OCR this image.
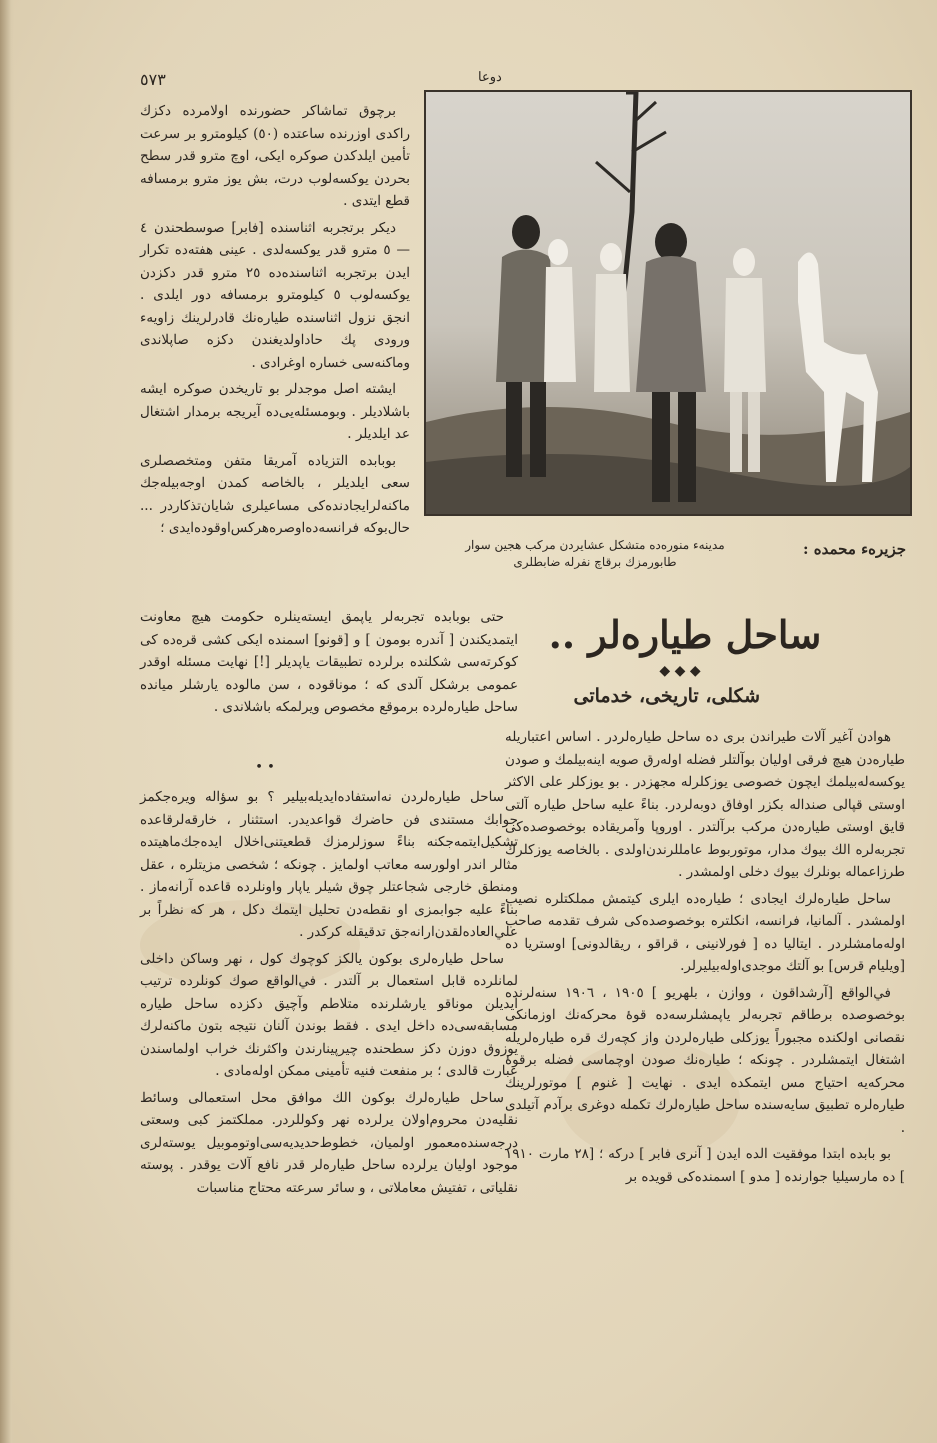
٥٧٣	دوعا

برچوق تماشاكر حضورنده اولامرده دكزك راكدى اوزرنده ساعتده (٥٠) كيلومترو بر سرعت تأمين ايلدكدن صوكره ايكى، اوچ مترو قدر سطح بحردن يوكسه‌لوب درت، بش يوز مترو برمسافه قطع ايتدى .

ديكر برتجربه اثناسنده [فابر] صوسطحندن ٤ — ٥ مترو قدر يوكسه‌لدى . عينى هفته‌ده تكرار ايدن برتجربه اثناسنده‌ده ٢٥ مترو قدر دكزدن يوكسه‌لوب ٥ كيلومترو برمسافه دور ايلدى . انجق نزول اثناسنده طياره‌نك قادرلرينك زاويه‌ء ورودى پك حاداولديغندن دكزه صاپلاندى وماكنه‌سى خساره اوغرادى .

ايشته اصل موجدلر بو تاريخدن صوكره ايشه باشلاديلر . وبومسئله‌يى‌ده آيريجه برمدار اشتغال عد ايلديلر .

بوبابده التزياده آمريقا متفن ومتخصصلرى سعى ايلديلر ، بالخاصه كمدن اوجه‌بيله‌جك ماكنه‌لرايجادنده‌كى مساعيلرى شايان‌تذكاردر ... حال‌بوكه فرانسه‌ده‌اوصره‌هركس‌اوقوده‌ايدى ؛

جزيره‌ء محمده :
مدينه‌ء منوره‌ده متشكل عشايردن مركب هجين سوار طابورمزك برقاچ نفرله ضابطلرى

حتى بوبابده تجربه‌لر ياپمق ايسته‌ينلره حكومت هيچ معاونت ايتمديكندن [ آندره بومون ] و [قونو] اسمنده ايكى كشى قره‌ده كى كوكرته‌سى شكلنده برلرده تطبيقات ياپديلر [!] نهايت مسئله اوقدر عمومى برشكل آلدى كه ؛ موناقوده ، سن مالوده يارشلر ميانده ساحل طياره‌لرده برموقع مخصوص ويرلمكه باشلاندى .

• •

ساحل طياره‌لردن نه‌استفاده‌ايديله‌بيلير ؟ بو سؤاله ويره‌جكمز جوابك مستندى فن حاضرك قواعديدر. استثنار ، خارقه‌لرقاعده تشكيل‌ايتمه‌جكنه بناءً سوزلرمزك قطعيتنى‌اخلال ايده‌جك‌ماهيتده مثالر اندر اولورسه معاتب اولمايز . چونكه ؛ شخصى مزيتلره ، عقل ومنطق خارجى شجاعتلر چوق شيلر ياپار واونلرده قاعده آرانه‌ماز . بناءً عليه جوابمزى او نقطه‌دن تحليل ايتمك دكل ، هر كه نظراً بر علي‌العاده‌لقدن‌ارانه‌جق تدقيقله كركدر .

ساحل طياره‌لرى بوكون يالكز كوچوك كول ، نهر وساكن داخلى لمانلرده قابل استعمال بر آلتدر . في‌الواقع صوك كونلرده ترتيب ايديلن موناقو يارشلرنده متلاطم وآچيق دكزده ساحل طياره مسابقه‌سى‌ده داخل ايدى . فقط بوندن آلنان نتيجه بتون ماكنه‌لرك يوزوق دوزن دكز سطحنده چيرپينارندن واكثرنك خراب اولماسندن عبارت قالدى ؛ بر منفعت فنيه تأمينى ممكن اوله‌مادى .

ساحل طياره‌لرك بوكون الك موافق محل استعمالى وسائط نقليه‌دن محروم‌اولان يرلرده نهر وكوللردر. مملكتمز كبى وسعتى درجه‌سنده‌معمور اولميان، خطوط‌حديديه‌سى‌اوتوموبيل يوسته‌لرى موجود اوليان يرلرده ساحل طياره‌لر قدر نافع آلات يوقدر . پوسته نقلياتى ، تفتيش معاملاتى ، و سائر سرعته محتاج مناسبات

ساحل طياره‌لر ..
◆ ◆ ◆
شكلى، تاريخى، خدماتى

هوادن آغير آلات طيراندن برى ده ساحل طياره‌لردر . اساس اعتباريله طياره‌دن هيچ فرقى اوليان بوآلتلر فضله اوله‌رق صويه اينه‌بيلمك و صودن يوكسه‌له‌بيلمك ايچون خصوصى يوزكلرله مجهزدر . بو يوزكلر على الاكثر اوستى قپالى صنداله بكزر اوفاق دوبه‌لردر. بناءً عليه ساحل طياره آلتى قايق اوستى طياره‌دن مركب برآلتدر . اوروپا وآمريقاده بوخصوصده‌كى تجربه‌لره الك بيوك مدار، موتوربوط عامللرندن‌اولدى . بالخاصه يوزكلرك طرزاعماله بونلرك بيوك دخلى اولمشدر .

ساحل طياره‌لرك ايجادى ؛ طياره‌ده ايلرى كيتمش مملكتلره نصيب اولمشدر . آلمانيا، فرانسه، انكلتره بوخصوصده‌كى شرف تقدمه صاحب اوله‌مامشلردر . ايتاليا ده [ فورلانينى ، قراقو ، ريقالدونى] اوستريا ده [ويليام قرس] بو آلتك موجدى‌اوله‌بيليرلر.

في‌الواقع [آرشداقون ، ووازن ، بلهريو ] ١٩٠٥ ، ١٩٠٦ سنه‌لرنده بوخصوصده برطاقم تجربه‌لر ياپمشلرسه‌ده قوهٔ محركه‌نك اوزمانكى نقصانى اولكنده مجبوراً يوزكلى طياره‌لردن واز كچه‌رك قره طياره‌لريله اشتغال ايتمشلردر . چونكه ؛ طياره‌نك صودن اوچماسى فضله برقوهٔ محركه‌يه احتياج مس ايتمكده ايدى . نهايت [ غنوم ] موتورلرينك طياره‌لره تطبيق سايه‌سنده ساحل طياره‌لرك تكمله دوغرى برآدم آتيلدى .

بو بابده ابتدا موفقيت الده ايدن [ آنرى فابر ] دركه ؛ [٢٨ مارت ١٩١٠ ] ده مارسيليا جوارنده [ مدو ] اسمنده‌كى قويده بر
